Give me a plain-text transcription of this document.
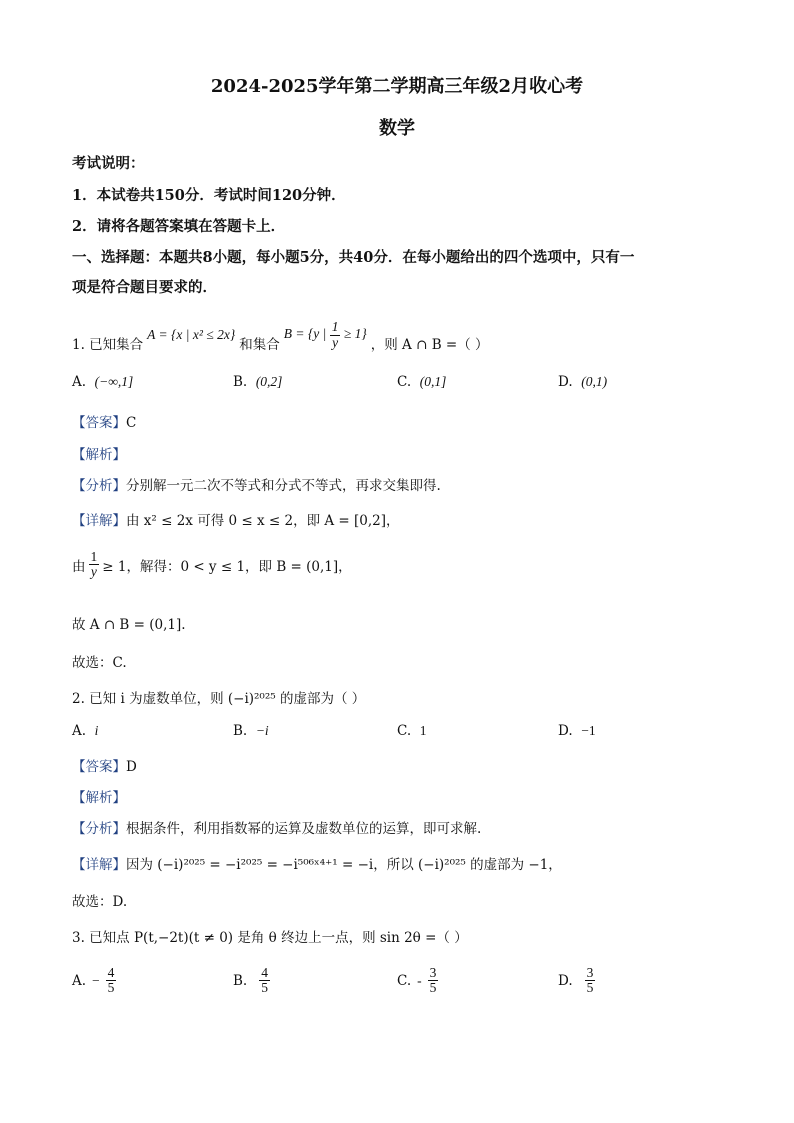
2024-2025学年第二学期高三年级2月收心考
数学
考试说明：
1．本试卷共150分．考试时间120分钟．
2．请将各题答案填在答题卡上．
一、选择题：本题共8小题，每小题5分，共40分．在每小题给出的四个选项中，只有一
项是符合题目要求的．
1. 已知集合
A = {x | x² ≤ 2x}
和集合
B = {y | $\frac{1}{y} \ge 1$}
，则 A ∩ B =（ ）
A. (−∞,1]	B. (0,2]	C. (0,1]	D. (0,1)
【答案】C
【解析】
【分析】分别解一元二次不等式和分式不等式，再求交集即得.
【详解】由 x² ≤ 2x 可得 0 ≤ x ≤ 2，即 A = [0,2]，
由 $\frac{1}{y} \ge 1$，解得：0 < y ≤ 1，即 B = (0,1]，
故 A ∩ B = (0,1].
故选：C.
2. 已知 i 为虚数单位，则 (−i)²⁰²⁵ 的虚部为（ ）
A. i	B. −i	C. 1	D. −1
【答案】D
【解析】
【分析】根据条件，利用指数幂的运算及虚数单位的运算，即可求解.
【详解】因为 (−i)²⁰²⁵ = −i²⁰²⁵ = −i⁵⁰⁶ˣ⁴⁺¹ = −i，所以 (−i)²⁰²⁵ 的虚部为 −1，
故选：D.
3. 已知点 P(t,−2t)(t ≠ 0) 是角 θ 终边上一点，则 sin 2θ =（ ）
A. − $\frac{4}{5}$	B. $\frac{4}{5}$	C. - $\frac{3}{5}$	D. $\frac{3}{5}$
